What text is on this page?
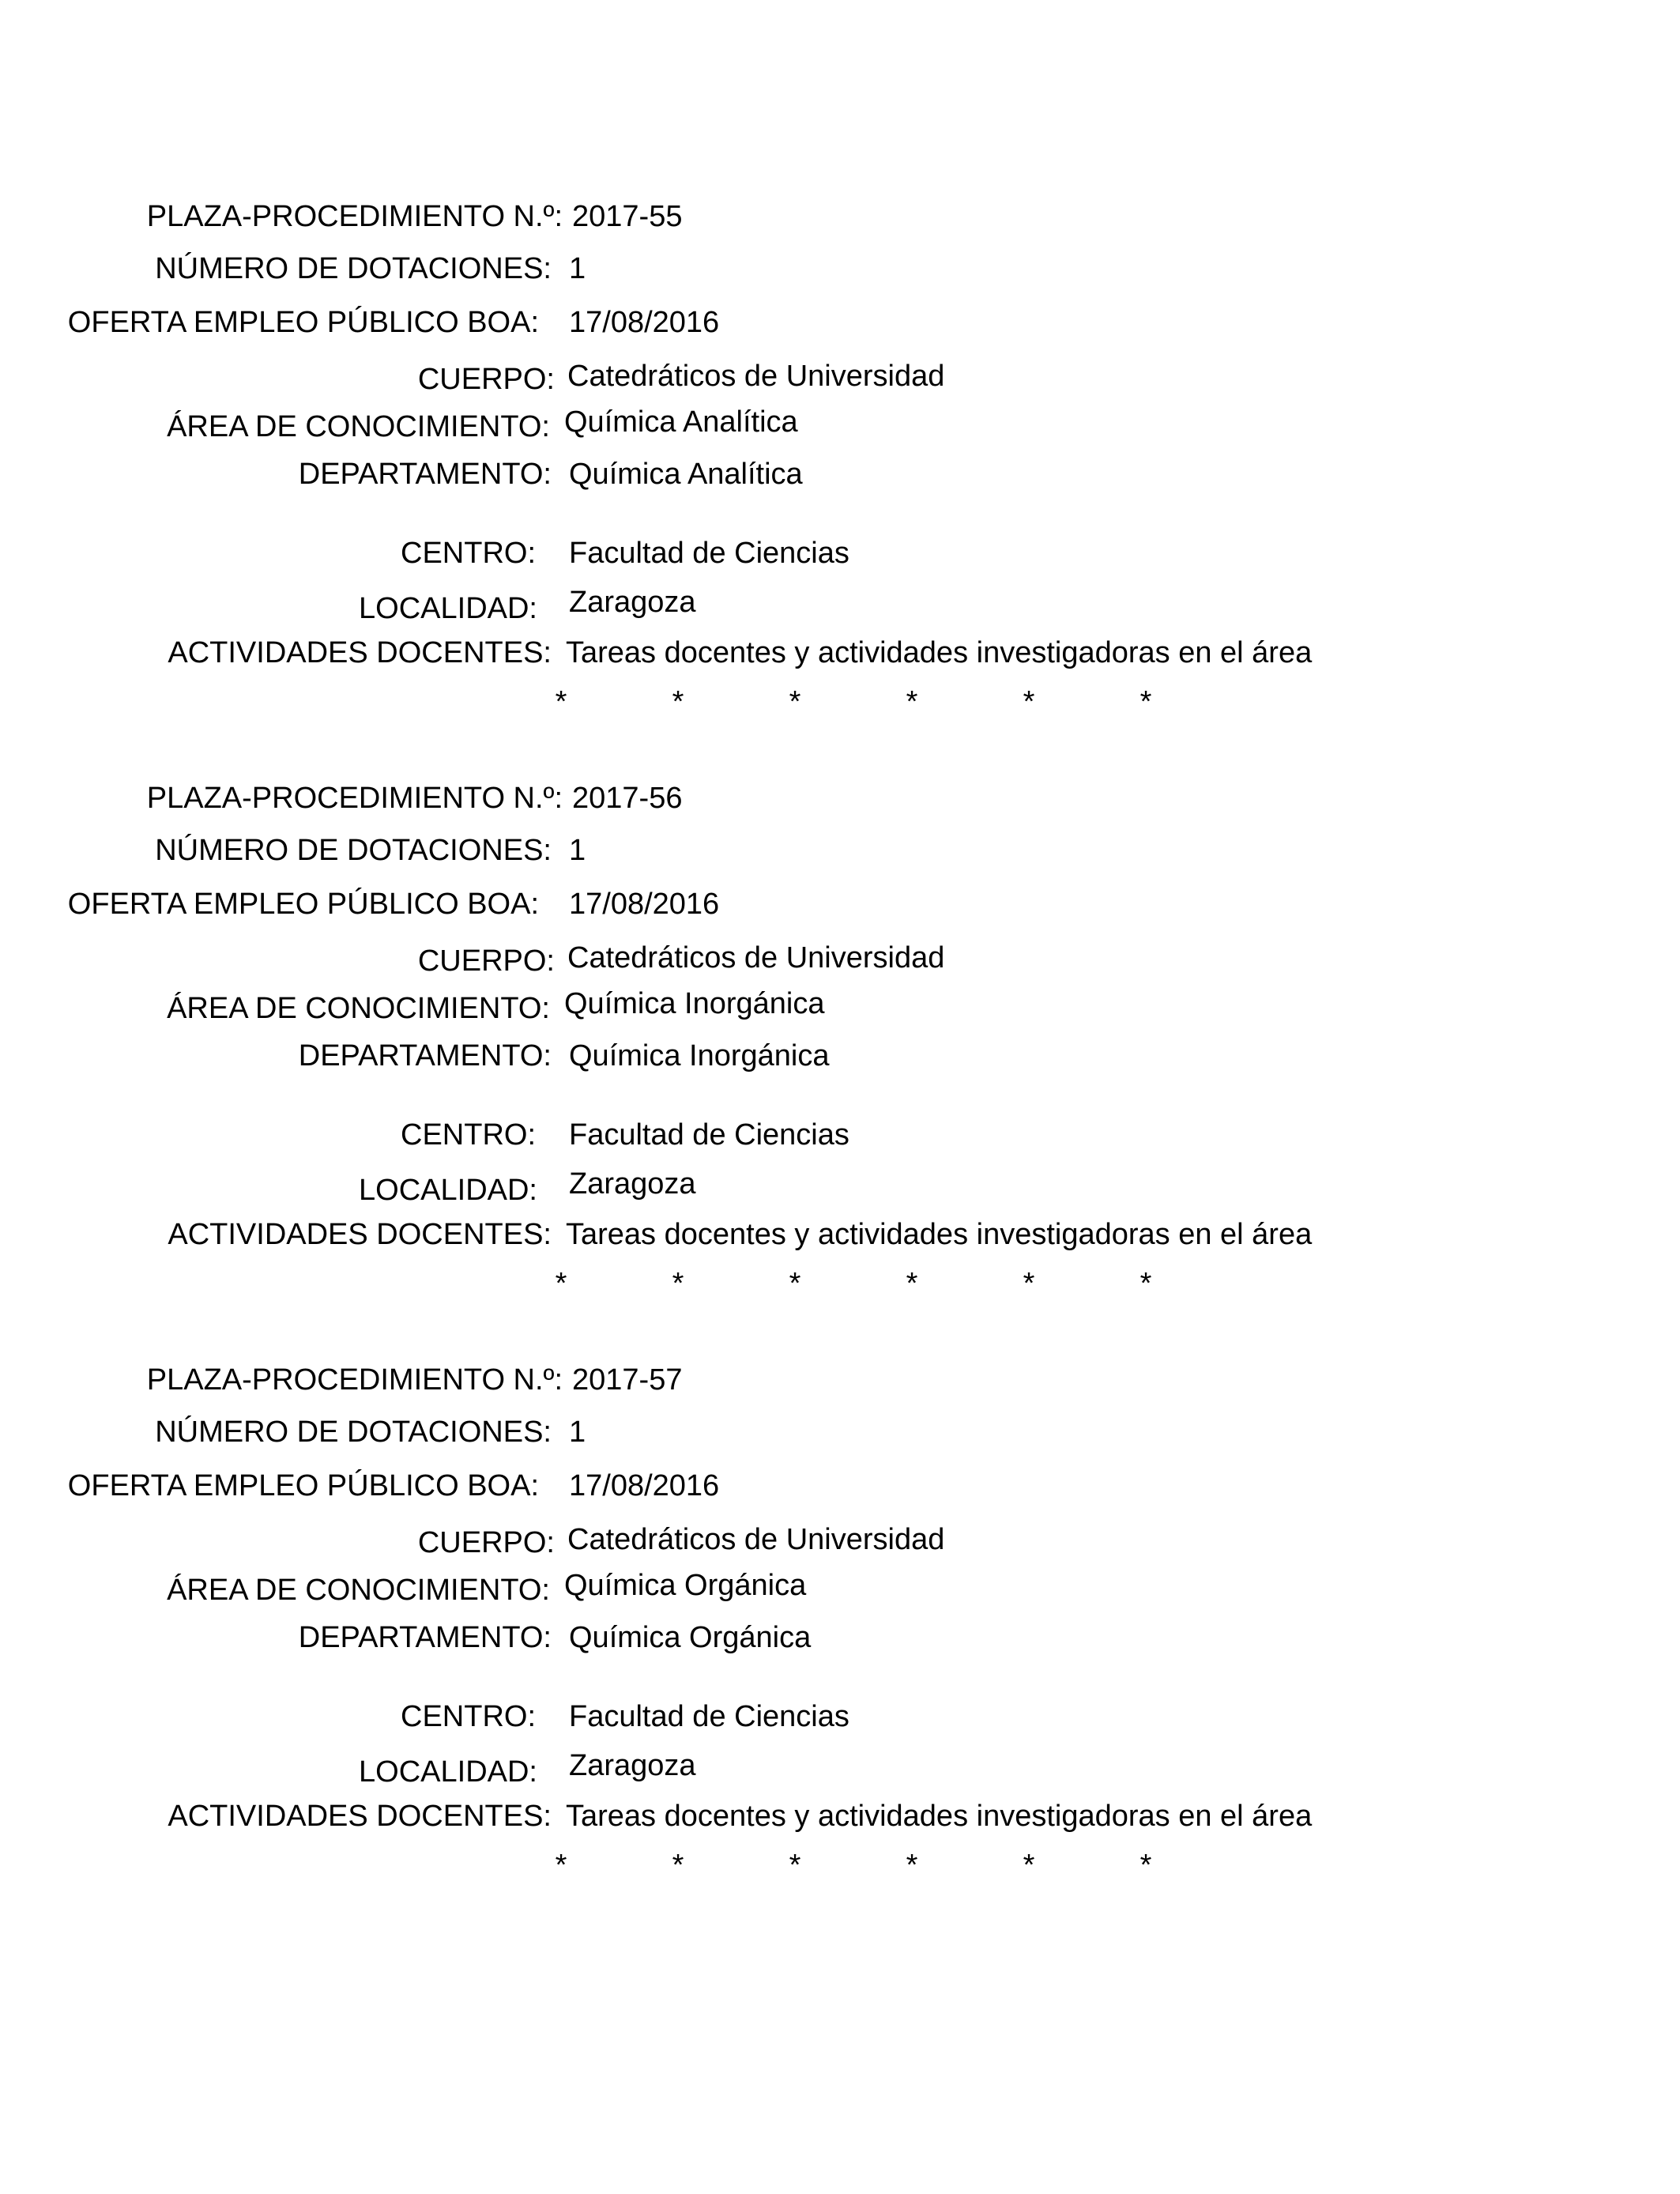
PLAZA-PROCEDIMIENTO N.º: 2017-55
NÚMERO DE DOTACIONES: 1
OFERTA EMPLEO PÚBLICO BOA: 17/08/2016
CUERPO: Catedráticos de Universidad
ÁREA DE CONOCIMIENTO: Química Analítica
DEPARTAMENTO: Química Analítica
CENTRO: Facultad de Ciencias
LOCALIDAD: Zaragoza
ACTIVIDADES DOCENTES: Tareas docentes y actividades investigadoras en el área
*	*	*	*	*	*
PLAZA-PROCEDIMIENTO N.º: 2017-56
NÚMERO DE DOTACIONES: 1
OFERTA EMPLEO PÚBLICO BOA: 17/08/2016
CUERPO: Catedráticos de Universidad
ÁREA DE CONOCIMIENTO: Química Inorgánica
DEPARTAMENTO: Química Inorgánica
CENTRO: Facultad de Ciencias
LOCALIDAD: Zaragoza
ACTIVIDADES DOCENTES: Tareas docentes y actividades investigadoras en el área
*	*	*	*	*	*
PLAZA-PROCEDIMIENTO N.º: 2017-57
NÚMERO DE DOTACIONES: 1
OFERTA EMPLEO PÚBLICO BOA: 17/08/2016
CUERPO: Catedráticos de Universidad
ÁREA DE CONOCIMIENTO: Química Orgánica
DEPARTAMENTO: Química Orgánica
CENTRO: Facultad de Ciencias
LOCALIDAD: Zaragoza
ACTIVIDADES DOCENTES: Tareas docentes y actividades investigadoras en el área
*	*	*	*	*	*
